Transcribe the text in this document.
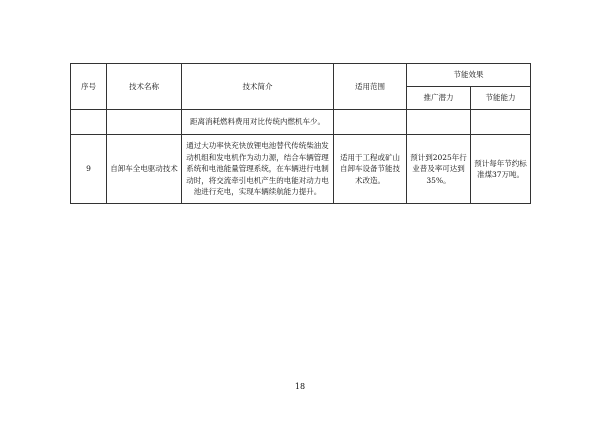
序号	技术名称	技术简介	适用范围	节能效果	
				推广潜力	节能能力
		距离消耗燃料费用对比传统内燃机车少。			
9	自卸车全电驱动技术	通过大功率快充快放锂电池替代传统柴油发动机组和发电机作为动力源，结合车辆管理系统和电池能量管理系统，在车辆进行电制动时，将交流牵引电机产生的电能对动力电池进行充电，实现车辆续航能力提升。	适用于工程或矿山自卸车设备节能技术改造。	预计到2025年行业普及率可达到35%。	预计每年节约标准煤37万吨。
18
